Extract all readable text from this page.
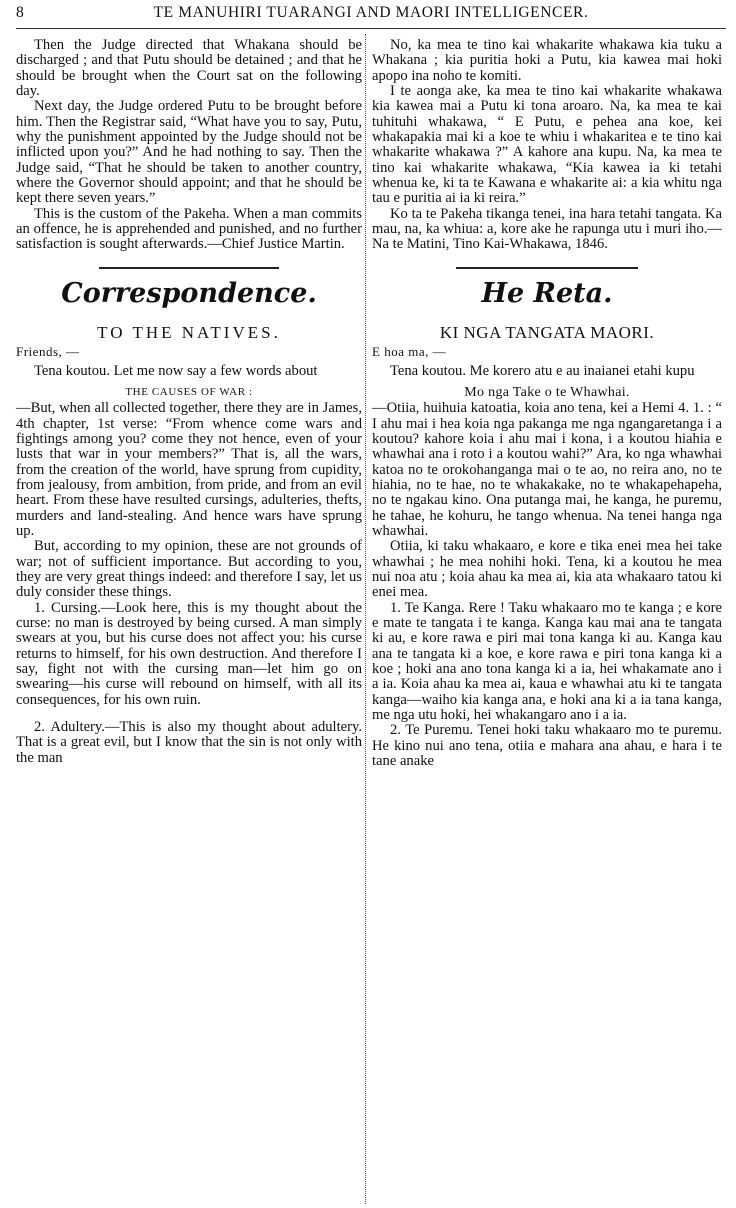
8	TE MANUHIRI TUARANGI AND MAORI INTELLIGENCER.

Then the Judge directed that Whakana should be discharged ; and that Putu should be detained ; and that he should be brought when the Court sat on the following day.

Next day, the Judge ordered Putu to be brought before him. Then the Registrar said, “What have you to say, Putu, why the punishment appointed by the Judge should not be inflicted upon you?” And he had nothing to say. Then the Judge said, “That he should be taken to another country, where the Governor should appoint; and that he should be kept there seven years.”

This is the custom of the Pakeha. When a man commits an offence, he is apprehended and punished, and no further satisfaction is sought afterwards.—Chief Justice Martin.

Correspondence.
TO THE NATIVES.
Friends, —

Tena koutou. Let me now say a few words about

THE CAUSES OF WAR :

—But, when all collected together, there they are in James, 4th chapter, 1st verse: “From whence come wars and fightings among you? come they not hence, even of your lusts that war in your members?” That is, all the wars, from the creation of the world, have sprung from cupidity, from jealousy, from ambition, from pride, and from an evil heart. From these have resulted cursings, adulteries, thefts, murders and land-stealing. And hence wars have sprung up.

But, according to my opinion, these are not grounds of war; not of sufficient importance. But according to you, they are very great things indeed: and therefore I say, let us duly consider these things.

1. Cursing.—Look here, this is my thought about the curse: no man is destroyed by being cursed. A man simply swears at you, but his curse does not affect you: his curse returns to himself, for his own destruction. And therefore I say, fight not with the cursing man—let him go on swearing—his curse will rebound on himself, with all its consequences, for his own ruin.

2. Adultery.—This is also my thought about adultery. That is a great evil, but I know that the sin is not only with the man

No, ka mea te tino kai whakarite whakawa kia tuku a Whakana ; kia puritia hoki a Putu, kia kawea mai hoki apopo ina noho te komiti.

I te aonga ake, ka mea te tino kai whakarite whakawa kia kawea mai a Putu ki tona aroaro. Na, ka mea te kai tuhituhi whakawa, “ E Putu, e pehea ana koe, kei whakapakia mai ki a koe te whiu i whakaritea e te tino kai whakarite whakawa ?” A kahore ana kupu. Na, ka mea te tino kai whakarite whakawa, “Kia kawea ia ki tetahi whenua ke, ki ta te Kawana e whakarite ai: a kia whitu nga tau e puritia ai ia ki reira.”

Ko ta te Pakeha tikanga tenei, ina hara tetahi tangata. Ka mau, na, ka whiua: a, kore ake he rapunga utu i muri iho.—Na te Matini, Tino Kai-Whakawa, 1846.

He Reta.
KI NGA TANGATA MAORI.
E hoa ma, —

Tena koutou. Me korero atu e au inaianei etahi kupu

Mo nga Take o te Whawhai.

—Otiia, huihuia katoatia, koia ano tena, kei a Hemi 4. 1. : “ I ahu mai i hea koia nga pakanga me nga ngangaretanga i a koutou? kahore koia i ahu mai i kona, i a koutou hiahia e whawhai ana i roto i a koutou wahi?” Ara, ko nga whawhai katoa no te orokohanganga mai o te ao, no reira ano, no te hiahia, no te hae, no te whakakake, no te whakapehapeha, no te ngakau kino. Ona putanga mai, he kanga, he puremu, he tahae, he kohuru, he tango whenua. Na tenei hanga nga whawhai.

Otiia, ki taku whakaaro, e kore e tika enei mea hei take whawhai ; he mea nohihi hoki. Tena, ki a koutou he mea nui noa atu ; koia ahau ka mea ai, kia ata whakaaro tatou ki enei mea.

1. Te Kanga. Rere ! Taku whakaaro mo te kanga ; e kore e mate te tangata i te kanga. Kanga kau mai ana te tangata ki au, e kore rawa e piri mai tona kanga ki au. Kanga kau ana te tangata ki a koe, e kore rawa e piri tona kanga ki a koe ; hoki ana ano tona kanga ki a ia, hei whakamate ano i a ia. Koia ahau ka mea ai, kaua e whawhai atu ki te tangata kanga—waiho kia kanga ana, e hoki ana ki a ia tana kanga, me nga utu hoki, hei whakangaro ano i a ia.

2. Te Puremu. Tenei hoki taku whakaaro mo te puremu. He kino nui ano tena, otiia e mahara ana ahau, e hara i te tane anake
